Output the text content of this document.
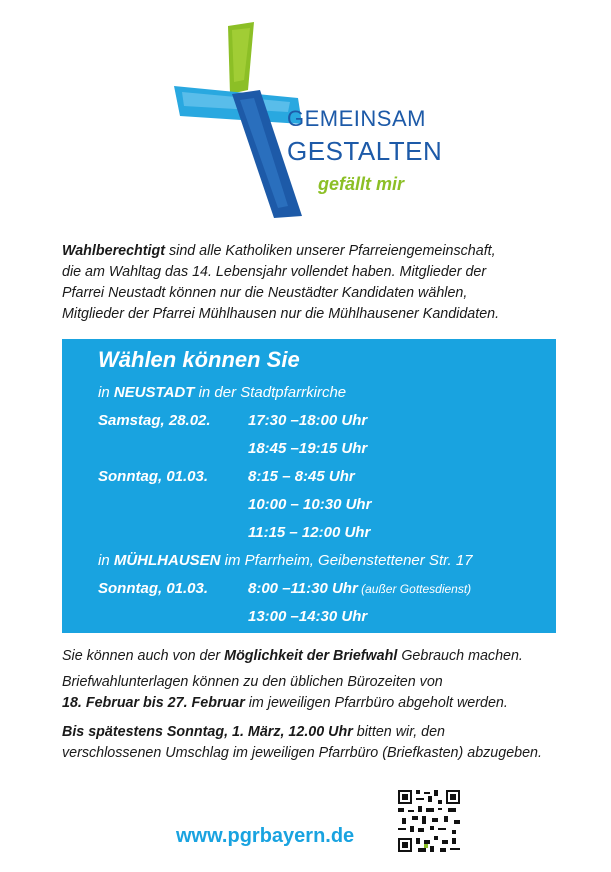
GEMEINSAM
GESTALTEN
gefällt mir
Wahlberechtigt sind alle Katholiken unserer Pfarreiengemeinschaft,
die am Wahltag das 14. Lebensjahr vollendet haben. Mitglieder der
Pfarrei Neustadt können nur die Neustädter Kandidaten wählen,
Mitglieder der Pfarrei Mühlhausen nur die Mühlhausener Kandidaten.
Wählen können Sie
in NEUSTADT in der Stadtpfarrkirche
Samstag, 28.02. 17:30 –18:00 Uhr
18:45 –19:15 Uhr
Sonntag, 01.03.	8:15 – 8:45 Uhr
10:00 – 10:30 Uhr
11:15 – 12:00 Uhr
in MÜHLHAUSEN im Pfarrheim, Geibenstettener Str. 17
Sonntag, 01.03.	8:00 –11:30 Uhr (außer Gottesdienst)
13:00 –14:30 Uhr
Sie können auch von der Möglichkeit der Briefwahl Gebrauch machen.
Briefwahlunterlagen können zu den üblichen Bürozeiten von
18. Februar bis 27. Februar im jeweiligen Pfarrbüro abgeholt werden.
Bis spätestens Sonntag, 1. März, 12.00 Uhr bitten wir, den
verschlossenen Umschlag im jeweiligen Pfarrbüro (Briefkasten) abzugeben.
www.pgrbayern.de
